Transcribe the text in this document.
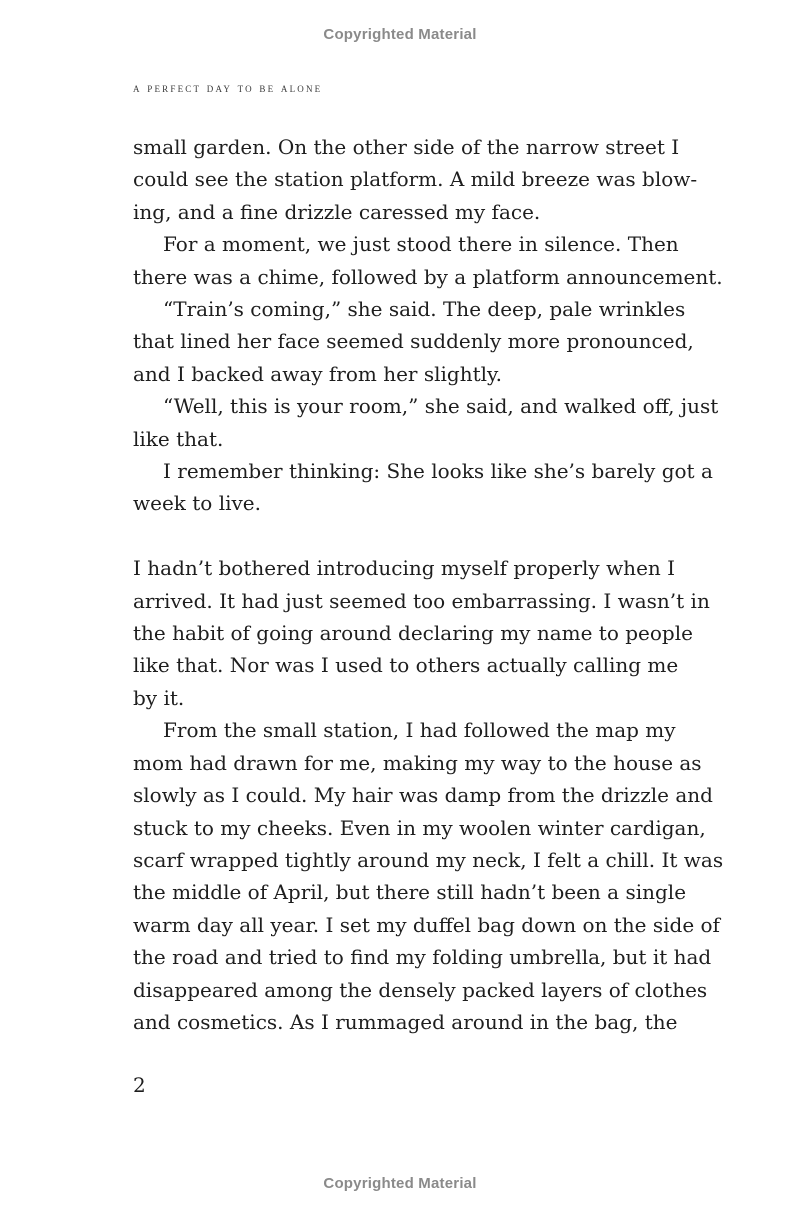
Copyrighted Material
a perfect day to be alone
small garden. On the other side of the narrow street I
could see the station platform. A mild breeze was blow-
ing, and a fine drizzle caressed my face.
For a moment, we just stood there in silence. Then
there was a chime, followed by a platform announcement.
“Train’s coming,” she said. The deep, pale wrinkles
that lined her face seemed suddenly more pronounced,
and I backed away from her slightly.
“Well, this is your room,” she said, and walked off, just
like that.
I remember thinking: She looks like she’s barely got a
week to live.
I hadn’t bothered introducing myself properly when I
arrived. It had just seemed too embarrassing. I wasn’t in
the habit of going around declaring my name to people
like that. Nor was I used to others actually calling me
by it.
From the small station, I had followed the map my
mom had drawn for me, making my way to the house as
slowly as I could. My hair was damp from the drizzle and
stuck to my cheeks. Even in my woolen winter cardigan,
scarf wrapped tightly around my neck, I felt a chill. It was
the middle of April, but there still hadn’t been a single
warm day all year. I set my duffel bag down on the side of
the road and tried to find my folding umbrella, but it had
disappeared among the densely packed layers of clothes
and cosmetics. As I rummaged around in the bag, the
2
Copyrighted Material
